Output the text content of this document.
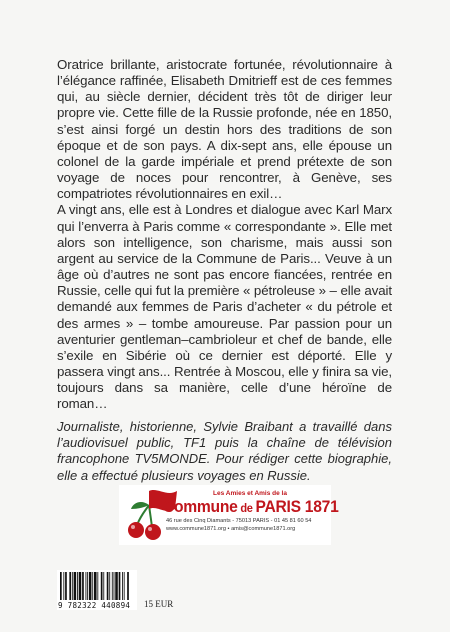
Oratrice brillante, aristocrate fortunée, révolutionnaire à l’élégance raffinée, Elisabeth Dmitrieff est de ces femmes qui, au siècle dernier, décident très tôt de diriger leur propre vie. Cette fille de la Russie profonde, née en 1850, s’est ainsi forgé un destin hors des traditions de son époque et de son pays. A dix-sept ans, elle épouse un colonel de la garde impériale et prend prétexte de son voyage de noces pour rencontrer, à Genève, ses compatriotes révolutionnaires en exil…

A vingt ans, elle est à Londres et dialogue avec Karl Marx qui l’enverra à Paris comme « correspondante ». Elle met alors son intelligence, son charisme, mais aussi son argent au service de la Commune de Paris... Veuve à un âge où d’autres ne sont pas encore fiancées, rentrée en Russie, celle qui fut la première « pétroleuse » – elle avait demandé aux femmes de Paris d’acheter « du pétrole et des armes » – tombe amoureuse. Par passion pour un aventurier gentleman–cambrioleur et chef de bande, elle s’exile en Sibérie où ce dernier est déporté. Elle y passera vingt ans... Rentrée à Moscou, elle y finira sa vie, toujours dans sa manière, celle d’une héroïne de roman…

Journaliste, historienne, Sylvie Braibant a travaillé dans l’audiovisuel public, TF1 puis la chaîne de télévision francophone TV5MONDE. Pour rédiger cette biographie, elle a effectué plusieurs voyages en Russie.

Les Amies et Amis de la
Commune de PARIS 1871
46 rue des Cinq Diamants - 75013 PARIS - 01 45 81 60 54
www.commune1871.org • amis@commune1871.org
9 782322 440894 15 EUR
